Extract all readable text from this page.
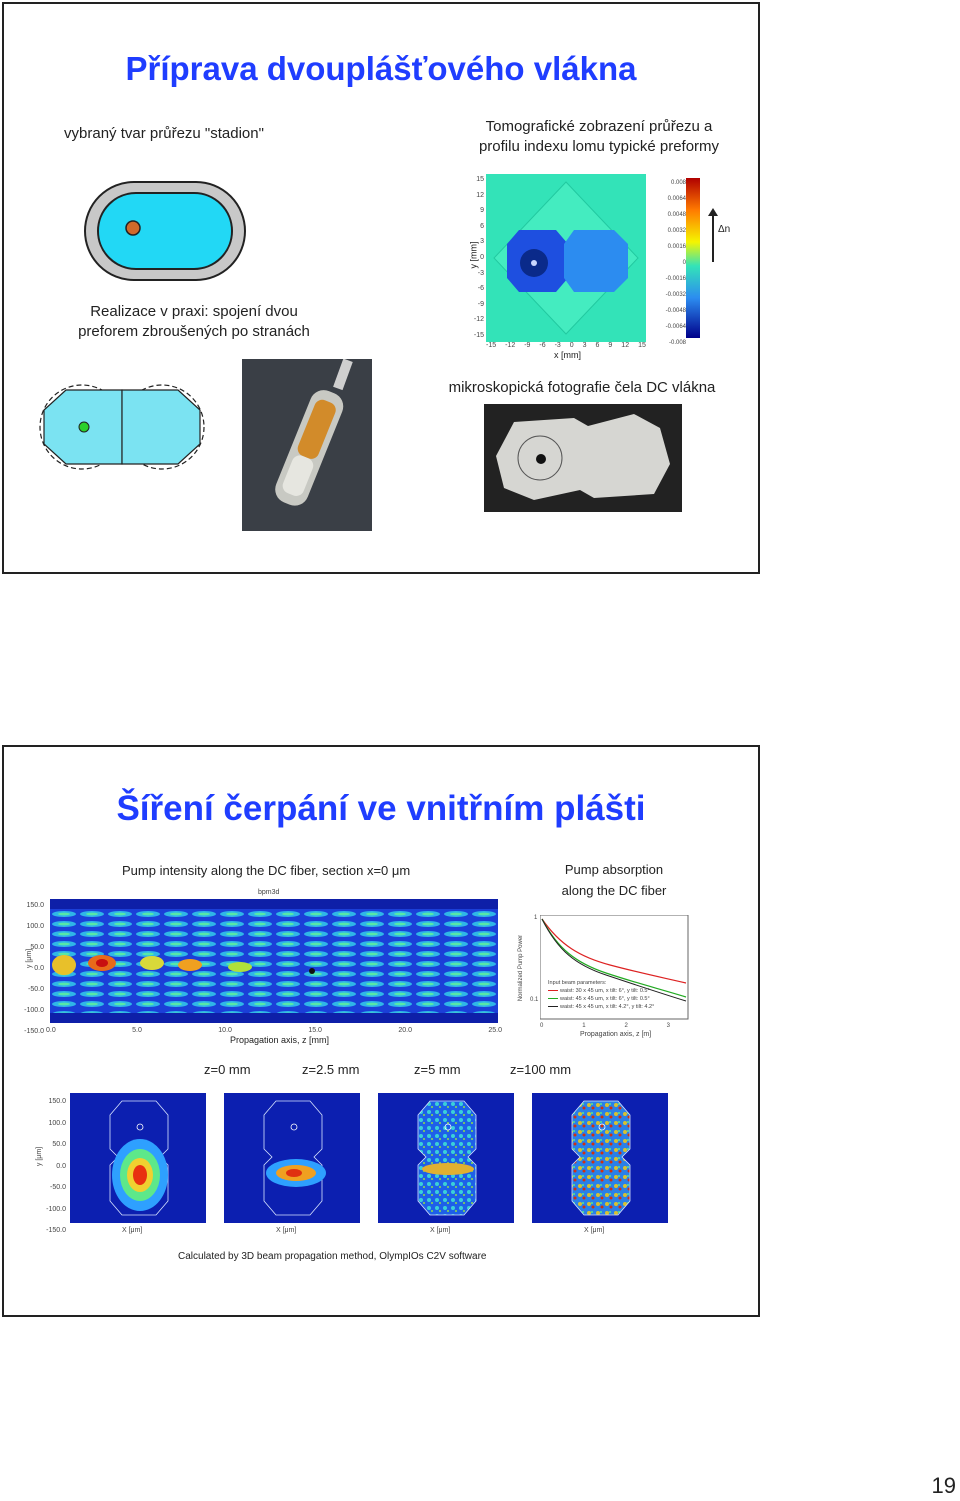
Příprava dvouplášťového vlákna
vybraný tvar průřezu "stadion"	Tomografické zobrazení průřezu a
profilu indexu lomu typické preformy
15
12
9
6
3
0
-3
-6
-9
-12
-15
y [mm]
-15 -12 -9 -6 -3 0 3 6 9 12 15
x [mm]
0.008
0.0064
0.0048
0.0032
0.0016
0
-0.0016
-0.0032
-0.0048
-0.0064
-0.008
Δn
Realizace v praxi: spojení dvou
preforem zbroušených po stranách
mikroskopická fotografie čela DC vlákna
Šíření čerpání ve vnitřním plášti
Pump intensity along the DC fiber, section x=0 μm	Pump absorption
along the DC fiber
bpm3d
150.0
100.0
50.0
0.0
-50.0
-100.0
-150.0
y [μm]
0.0	5.0	10.0	15.0	20.0	25.0
Propagation axis, z [mm]
1
0.1
Normalized Pump Power
0	1	2	3
Propagation axis, z [m]
Input beam parameters:
waist: 30 x 45 um, x tilt: 6°, y tilt: 0.5°
waist: 45 x 45 um, x tilt: 6°, y tilt: 0.5°
waist: 45 x 45 um, x tilt: 4.2°, y tilt: 4.2°
z=0 mm	z=2.5 mm	z=5 mm	z=100 mm
150.0
100.0
50.0
0.0
-50.0
-100.0
-150.0
y [μm]
X [μm]	X [μm]	X [μm]	X [μm]
Calculated by 3D beam propagation method, OlympIOs C2V software
19
